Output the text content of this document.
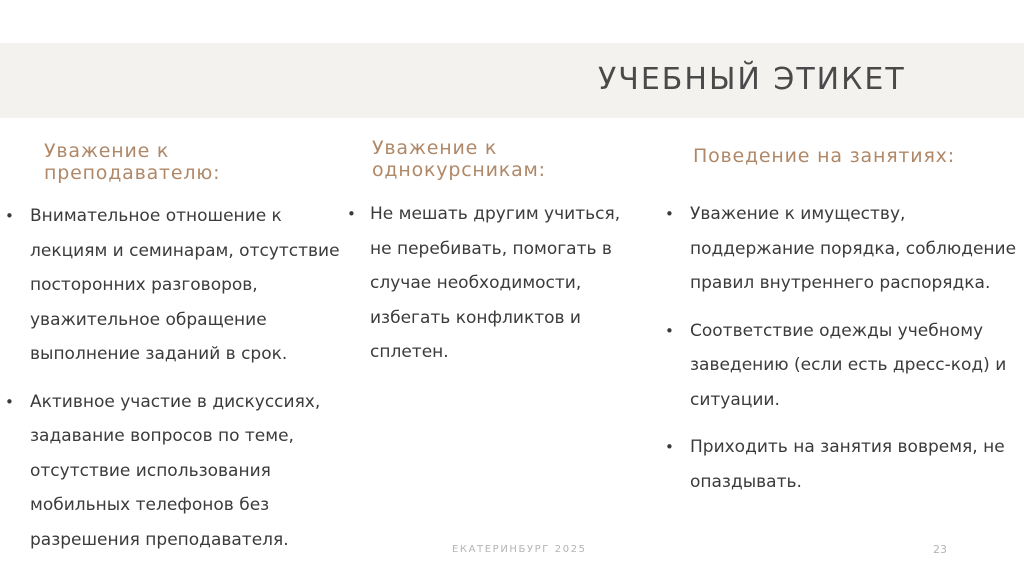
УЧЕБНЫЙ ЭТИКЕТ
Уважение к преподавателю:
• Внимательное отношение к лекциям и семинарам, отсутствие посторонних разговоров, уважительное обращение выполнение заданий в срок.
• Активное участие в дискуссиях, задавание вопросов по теме, отсутствие использования мобильных телефонов без разрешения преподавателя.
Уважение к однокурсникам:
• Не мешать другим учиться, не перебивать, помогать в случае необходимости, избегать конфликтов и сплетен.
Поведение на занятиях:
• Уважение к имуществу, поддержание порядка, соблюдение правил внутреннего распорядка.
• Соответствие одежды учебному заведению (если есть дресс-код) и ситуации.
• Приходить на занятия вовремя, не опаздывать.
ЕКАТЕРИНБУРГ 2025	23
